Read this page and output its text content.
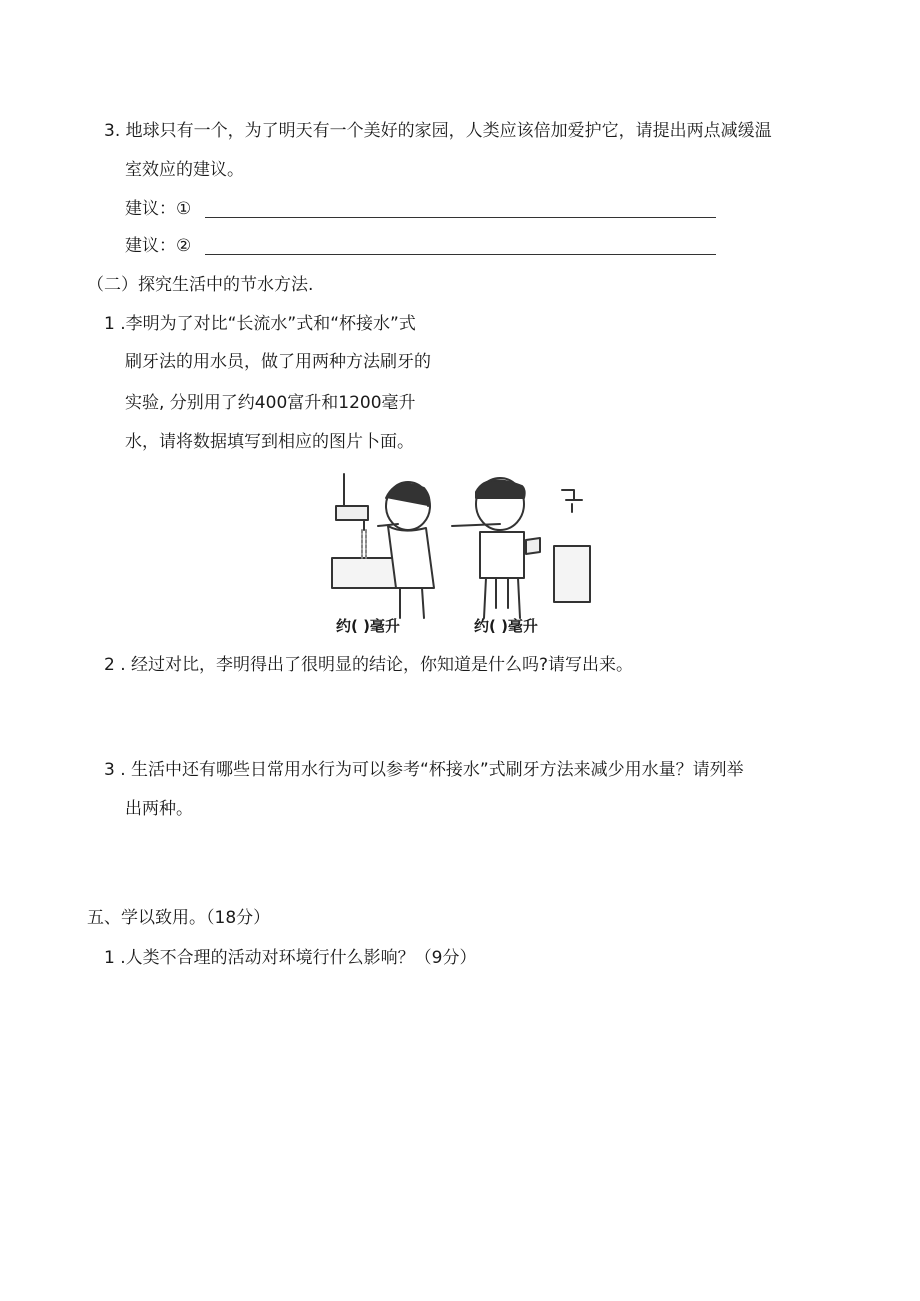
3. 地球只有一个，为了明天有一个美好的家园，人类应该倍加爱护它，请提出两点减缓温
室效应的建议。
建议：①
建议：②
（二）探究生活中的节水方法.
1 .李明为了对比“长流水”式和“杯接水”式
刷牙法的用水员，做了用两种方法刷牙的
实验, 分别用了约400富升和1200毫升
水，请将数据填写到相应的图片卜面。
约( )毫升	约( )毫升
2 . 经过对比，李明得出了很明显的结论，你知道是什么吗?请写出来。
3 . 生活中还有哪些日常用水行为可以参考“杯接水”式刷牙方法来减少用水量？请列举
出两种。
五、学以致用。（18分）
1 .人类不合理的活动对环境行什么影响？（9分）
